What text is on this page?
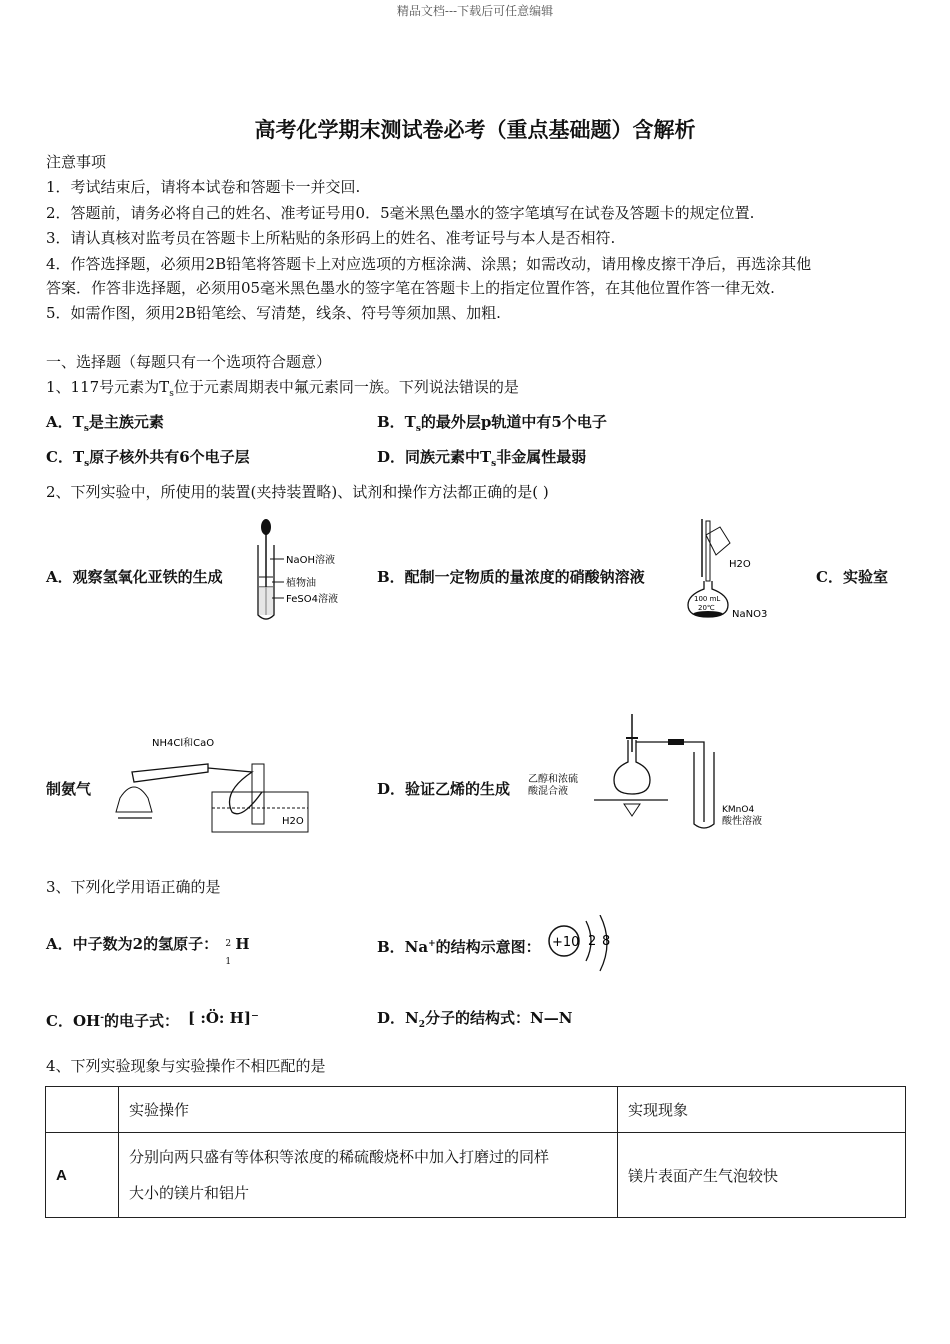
精品文档---下载后可任意编辑
高考化学期末测试卷必考（重点基础题）含解析
注意事项
1．考试结束后，请将本试卷和答题卡一并交回.
2．答题前，请务必将自己的姓名、准考证号用0．5毫米黑色墨水的签字笔填写在试卷及答题卡的规定位置.
3．请认真核对监考员在答题卡上所粘贴的条形码上的姓名、准考证号与本人是否相符.
4．作答选择题，必须用2B铅笔将答题卡上对应选项的方框涂满、涂黑；如需改动，请用橡皮擦干净后，再选涂其他
答案．作答非选择题，必须用05毫米黑色墨水的签字笔在答题卡上的指定位置作答，在其他位置作答一律无效.
5．如需作图，须用2B铅笔绘、写清楚，线条、符号等须加黑、加粗.
一、选择题（每题只有一个选项符合题意）
1、117号元素为$T_s$位于元素周期表中氟元素同一族。下列说法错误的是
A．$T_s$是主族元素	B．$T_s$的最外层p轨道中有5个电子
C．$T_s$原子核外共有6个电子层	D．同族元素中$T_s$非金属性最弱
2、下列实验中，所使用的装置(夹持装置略)、试剂和操作方法都正确的是( )
A．观察氢氧化亚铁的生成	B．配制一定物质的量浓度的硝酸钠溶液	C．实验室
制氨气	D．验证乙烯的生成
NaOH溶液
植物油
FeSO4溶液
H2O
100 mL
20℃
NaNO3
NH4Cl和CaO
H2O
乙醇和浓硫
酸混合液
KMnO4
酸性溶液
3、下列化学用语正确的是
A．中子数为2的氢原子： 2
1
H	B．Na+的结构示意图： +10 2 8
C．OH-的电子式： [ :Ö: H]⁻	D．$N_2$分子的结构式：N—N
4、下列实验现象与实验操作不相匹配的是
	实验操作	实现现象
A	分别向两只盛有等体积等浓度的稀硫酸烧杯中加入打磨过的同样
大小的镁片和铝片	镁片表面产生气泡较快
